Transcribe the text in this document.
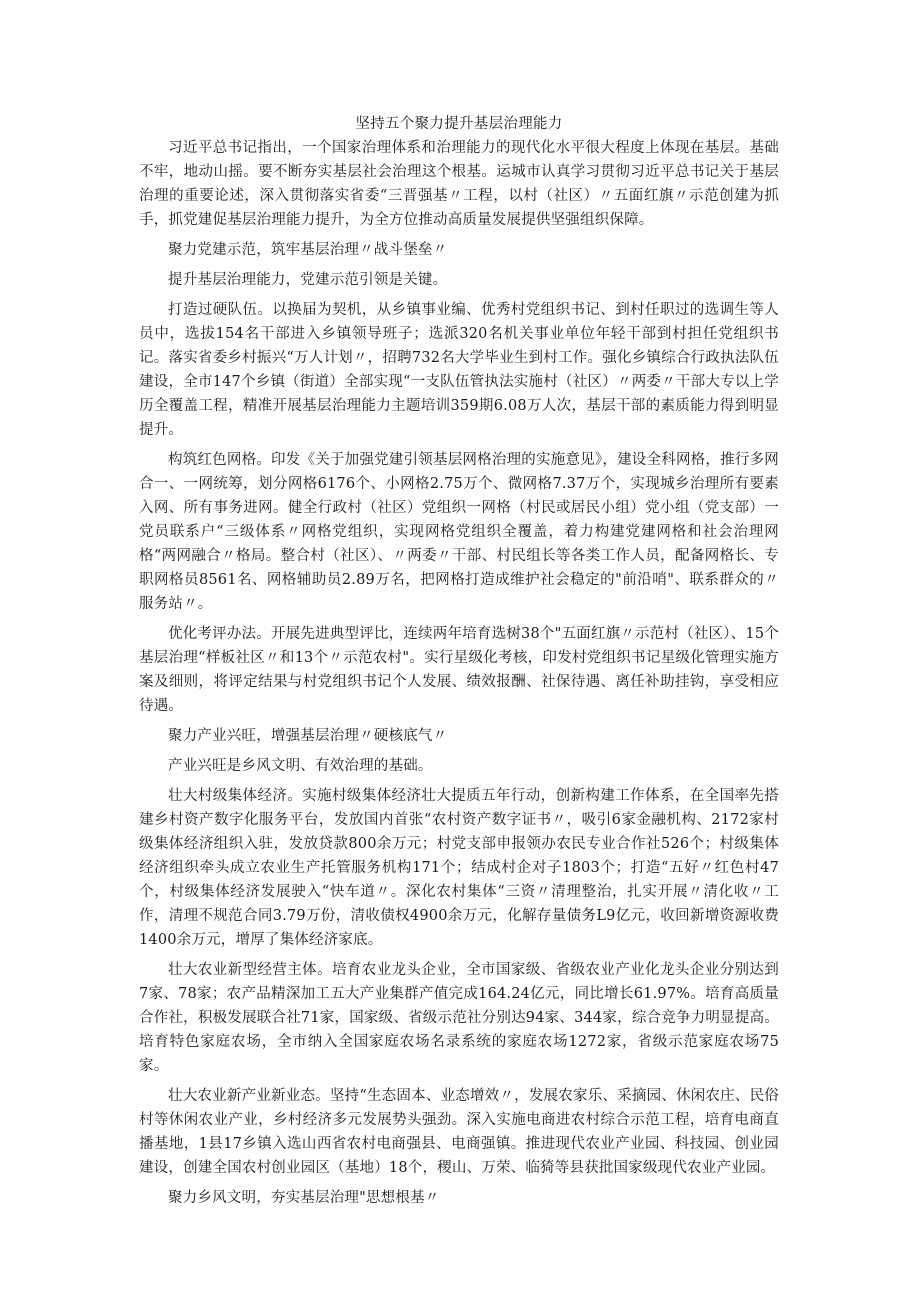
坚持五个聚力提升基层治理能力

习近平总书记指出，一个国家治理体系和治理能力的现代化水平很大程度上体现在基层。基础不牢，地动山摇。要不断夯实基层社会治理这个根基。运城市认真学习贯彻习近平总书记关于基层治理的重要论述，深入贯彻落实省委“三晋强基〃工程，以村（社区）〃五面红旗〃示范创建为抓手，抓党建促基层治理能力提升，为全方位推动高质量发展提供坚强组织保障。

聚力党建示范，筑牢基层治理〃战斗堡垒〃

提升基层治理能力，党建示范引领是关键。

打造过硬队伍。以换届为契机，从乡镇事业编、优秀村党组织书记、到村任职过的选调生等人员中，选拔154名干部进入乡镇领导班子；选派320名机关事业单位年轻干部到村担任党组织书记。落实省委乡村振兴“万人计划〃，招聘732名大学毕业生到村工作。强化乡镇综合行政执法队伍建设，全市147个乡镇（街道）全部实现“一支队伍管执法实施村（社区）〃两委〃干部大专以上学历全覆盖工程，精准开展基层治理能力主题培训359期6.08万人次，基层干部的素质能力得到明显提升。

构筑红色网格。印发《关于加强党建引领基层网格治理的实施意见》，建设全科网格，推行多网合一、一网统筹，划分网格6176个、小网格2.75万个、微网格7.37万个，实现城乡治理所有要素入网、所有事务进网。健全行政村（社区）党组织一网格（村民或居民小组）党小组（党支部）一党员联系户“三级体系〃网格党组织，实现网格党组织全覆盖，着力构建党建网格和社会治理网格“两网融合〃格局。整合村（社区）、〃两委〃干部、村民组长等各类工作人员，配备网格长、专职网格员8561名、网格辅助员2.89万名，把网格打造成维护社会稳定的"前沿哨"、联系群众的〃服务站〃。

优化考评办法。开展先进典型评比，连续两年培育选树38个"五面红旗〃示范村（社区）、15个基层治理“样板社区〃和13个〃示范农村"。实行星级化考核，印发村党组织书记星级化管理实施方案及细则，将评定结果与村党组织书记个人发展、绩效报酬、社保待遇、离任补助挂钩，享受相应待遇。

聚力产业兴旺，增强基层治理〃硬核底气〃

产业兴旺是乡风文明、有效治理的基础。

壮大村级集体经济。实施村级集体经济壮大提质五年行动，创新构建工作体系，在全国率先搭建乡村资产数字化服务平台，发放国内首张“农村资产数字证书〃，吸引6家金融机构、2172家村级集体经济组织入驻，发放贷款800余万元；村党支部申报领办农民专业合作社526个；村级集体经济组织牵头成立农业生产托管服务机构171个；结成村企对子1803个；打造“五好〃红色村47个，村级集体经济发展驶入“快车道〃。深化农村集体“三资〃清理整治，扎实开展〃清化收〃工作，清理不规范合同3.79万份，清收债权4900余万元，化解存量债务L9亿元，收回新增资源收费1400余万元，增厚了集体经济家底。

壮大农业新型经营主体。培育农业龙头企业，全市国家级、省级农业产业化龙头企业分别达到7家、78家；农产品精深加工五大产业集群产值完成164.24亿元，同比增长61.97%。培育高质量合作社，积极发展联合社71家，国家级、省级示范社分别达94家、344家，综合竞争力明显提高。培育特色家庭农场，全市纳入全国家庭农场名录系统的家庭农场1272家，省级示范家庭农场75家。

壮大农业新产业新业态。坚持“生态固本、业态增效〃，发展农家乐、采摘园、休闲农庄、民俗村等休闲农业产业，乡村经济多元发展势头强劲。深入实施电商进农村综合示范工程，培育电商直播基地，1县17乡镇入选山西省农村电商强县、电商强镇。推进现代农业产业园、科技园、创业园建设，创建全国农村创业园区（基地）18个，稷山、万荣、临猗等县获批国家级现代农业产业园。

聚力乡风文明，夯实基层治理"思想根基〃
